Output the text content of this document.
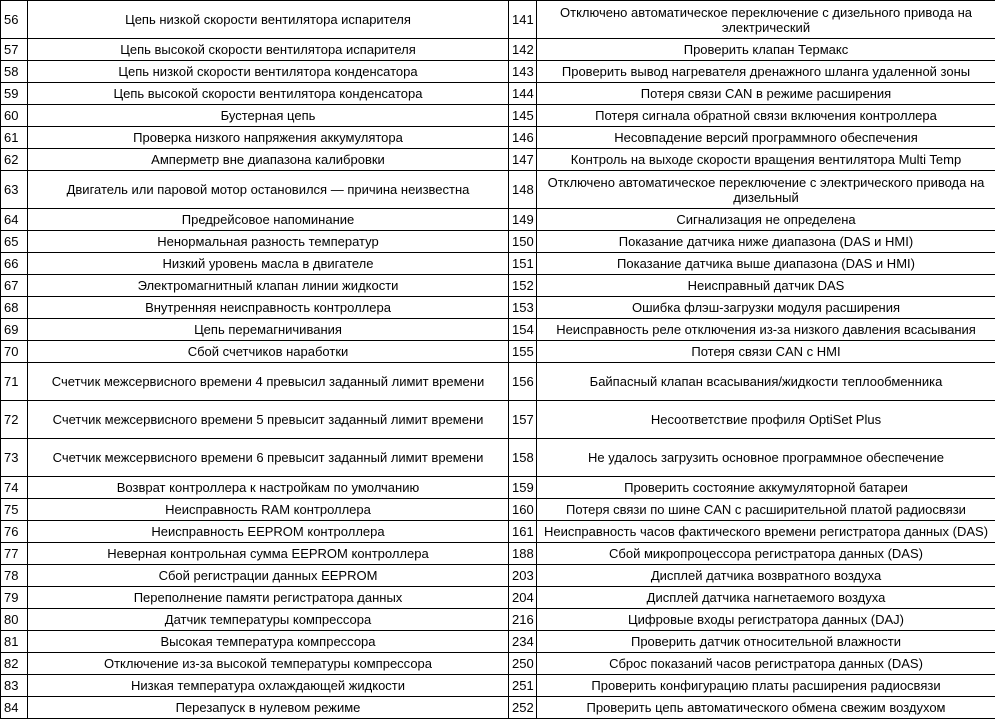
56	Цепь низкой скорости вентилятора испарителя	141	Отключено автоматическое переключение с дизельного привода на электрический
57	Цепь высокой скорости вентилятора испарителя	142	Проверить клапан Термакс
58	Цепь низкой скорости вентилятора конденсатора	143	Проверить вывод нагревателя дренажного шланга удаленной зоны
59	Цепь высокой скорости вентилятора конденсатора	144	Потеря связи CAN в режиме расширения
60	Бустерная цепь	145	Потеря сигнала обратной связи включения контроллера
61	Проверка низкого напряжения аккумулятора	146	Несовпадение версий программного обеспечения
62	Амперметр вне диапазона калибровки	147	Контроль на выходе скорости вращения вентилятора Multi Temp
63	Двигатель или паровой мотор остановился — причина неизвестна	148	Отключено автоматическое переключение с электрического привода на дизельный
64	Предрейсовое напоминание	149	Сигнализация не определена
65	Ненормальная разность температур	150	Показание датчика ниже диапазона (DAS и HMI)
66	Низкий уровень масла в двигателе	151	Показание датчика выше диапазона (DAS и HMI)
67	Электромагнитный клапан линии жидкости	152	Неисправный датчик DAS
68	Внутренняя неисправность контроллера	153	Ошибка флэш-загрузки модуля расширения
69	Цепь перемагничивания	154	Неисправность реле отключения из-за низкого давления всасывания
70	Сбой счетчиков наработки	155	Потеря связи CAN с HMI
71	Счетчик межсервисного времени 4 превысил заданный лимит времени	156	Байпасный клапан всасывания/жидкости теплообменника
72	Счетчик межсервисного времени 5 превысит заданный лимит времени	157	Несоответствие профиля OptiSet Plus
73	Счетчик межсервисного времени 6 превысит заданный лимит времени	158	Не удалось загрузить основное программное обеспечение
74	Возврат контроллера к настройкам по умолчанию	159	Проверить состояние аккумуляторной батареи
75	Неисправность RAM контроллера	160	Потеря связи по шине CAN с расширительной платой радиосвязи
76	Неисправность EEPROM контроллера	161	Неисправность часов фактического времени регистратора данных (DAS)
77	Неверная контрольная сумма EEPROM контроллера	188	Сбой микропроцессора регистратора данных (DAS)
78	Сбой регистрации данных EEPROM	203	Дисплей датчика возвратного воздуха
79	Переполнение памяти регистратора данных	204	Дисплей датчика нагнетаемого воздуха
80	Датчик температуры компрессора	216	Цифровые входы регистратора данных (DAJ)
81	Высокая температура компрессора	234	Проверить датчик относительной влажности
82	Отключение из-за высокой температуры компрессора	250	Сброс показаний часов регистратора данных (DAS)
83	Низкая температура охлаждающей жидкости	251	Проверить конфигурацию платы расширения радиосвязи
84	Перезапуск в нулевом режиме	252	Проверить цепь автоматического обмена свежим воздухом
